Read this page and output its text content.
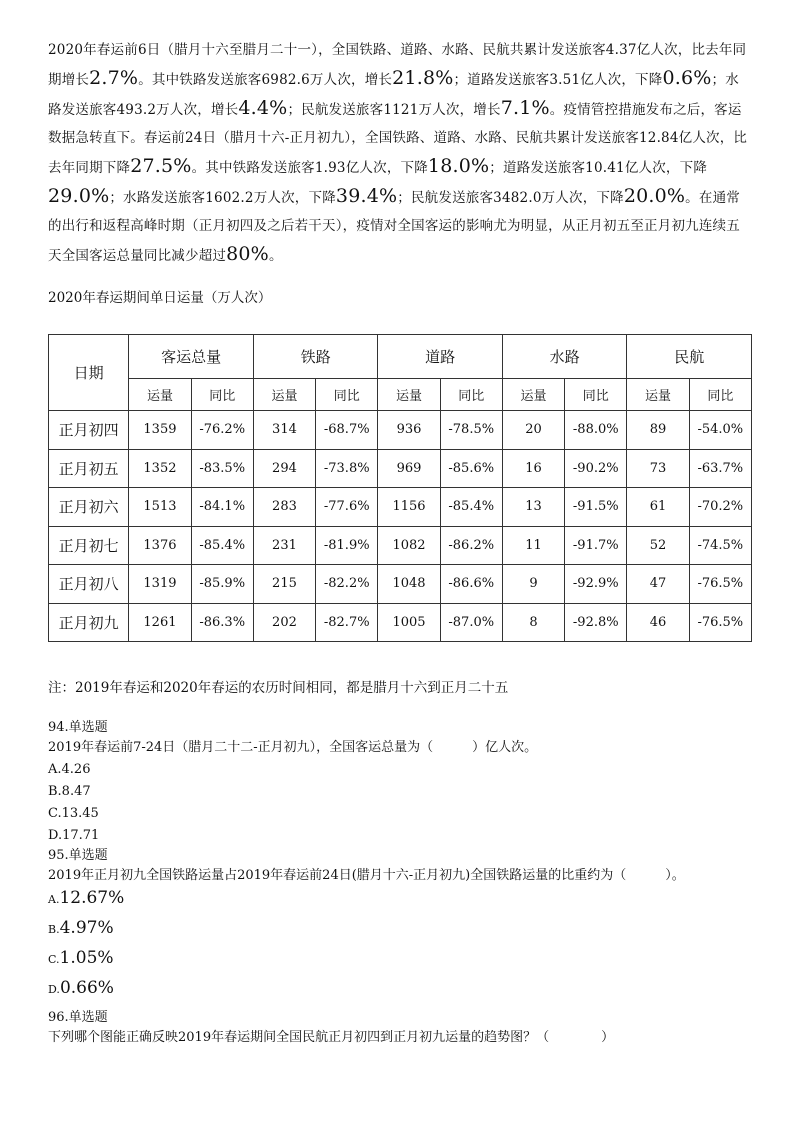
2020年春运前6日（腊月十六至腊月二十一），全国铁路、道路、水路、民航共累计发送旅客4.37亿人次，比去年同期增长2.7%。其中铁路发送旅客6982.6万人次，增长21.8%；道路发送旅客3.51亿人次，下降0.6%；水路发送旅客493.2万人次，增长4.4%；民航发送旅客1121万人次，增长7.1%。疫情管控措施发布之后，客运数据急转直下。春运前24日（腊月十六-正月初九），全国铁路、道路、水路、民航共累计发送旅客12.84亿人次，比去年同期下降27.5%。其中铁路发送旅客1.93亿人次，下降18.0%；道路发送旅客10.41亿人次，下降29.0%；水路发送旅客1602.2万人次，下降39.4%；民航发送旅客3482.0万人次，下降20.0%。在通常的出行和返程高峰时期（正月初四及之后若干天），疫情对全国客运的影响尤为明显，从正月初五至正月初九连续五天全国客运总量同比减少超过80%。
2020年春运期间单日运量（万人次）
日期	客运总量		铁路		道路		水路		民航	
	运量	同比	运量	同比	运量	同比	运量	同比	运量	同比
正月初四	1359	-76.2%	314	-68.7%	936	-78.5%	20	-88.0%	89	-54.0%
正月初五	1352	-83.5%	294	-73.8%	969	-85.6%	16	-90.2%	73	-63.7%
正月初六	1513	-84.1%	283	-77.6%	1156	-85.4%	13	-91.5%	61	-70.2%
正月初七	1376	-85.4%	231	-81.9%	1082	-86.2%	11	-91.7%	52	-74.5%
正月初八	1319	-85.9%	215	-82.2%	1048	-86.6%	9	-92.9%	47	-76.5%
正月初九	1261	-86.3%	202	-82.7%	1005	-87.0%	8	-92.8%	46	-76.5%
注：2019年春运和2020年春运的农历时间相同，都是腊月十六到正月二十五
94.单选题
2019年春运前7-24日（腊月二十二-正月初九），全国客运总量为（　　　）亿人次。
A.4.26
B.8.47
C.13.45
D.17.71
95.单选题
2019年正月初九全国铁路运量占2019年春运前24日(腊月十六-正月初九)全国铁路运量的比重约为（　　　）。
A.12.67%
B.4.97%
C.1.05%
D.0.66%
96.单选题
下列哪个图能正确反映2019年春运期间全国民航正月初四到正月初九运量的趋势图？（　　　　）
